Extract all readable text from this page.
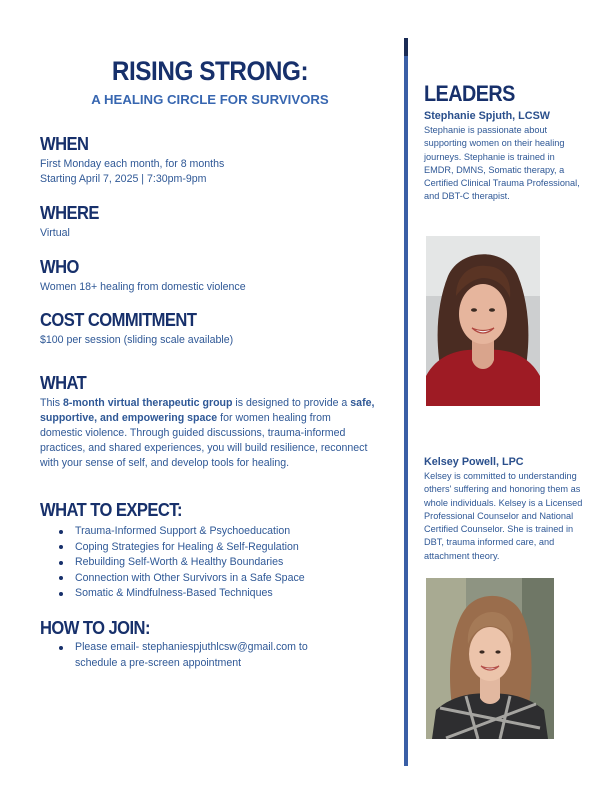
RISING STRONG:
A HEALING CIRCLE FOR SURVIVORS
WHEN

First Monday each month, for 8 months

Starting April 7, 2025 | 7:30pm-9pm

WHERE

Virtual

WHO

Women 18+ healing from domestic violence

COST COMMITMENT

$100 per session (sliding scale available)

WHAT

This 8-month virtual therapeutic group is designed to provide a safe, supportive, and empowering space for women healing from domestic violence. Through guided discussions, trauma-informed practices, and shared experiences, you will build resilience, reconnect with your sense of self, and develop tools for healing.

WHAT TO EXPECT:
Trauma-Informed Support & Psychoeducation
Coping Strategies for Healing & Self-Regulation
Rebuilding Self-Worth & Healthy Boundaries
Connection with Other Survivors in a Safe Space
Somatic & Mindfulness-Based Techniques
HOW TO JOIN:
Please email- stephaniespjuthlcsw@gmail.com to
schedule a pre-screen appointment
LEADERS

Stephanie Spjuth, LCSW

Stephanie is passionate about supporting women on their healing journeys. Stephanie is trained in EMDR, DMNS, Somatic therapy, a Certified Clinical Trauma Professional, and DBT-C therapist.

Kelsey Powell, LPC

Kelsey is committed to understanding others' suffering and honoring them as whole individuals. Kelsey is a Licensed Professional Counselor and National Certified Counselor. She is trained in DBT, trauma informed care, and attachment theory.
